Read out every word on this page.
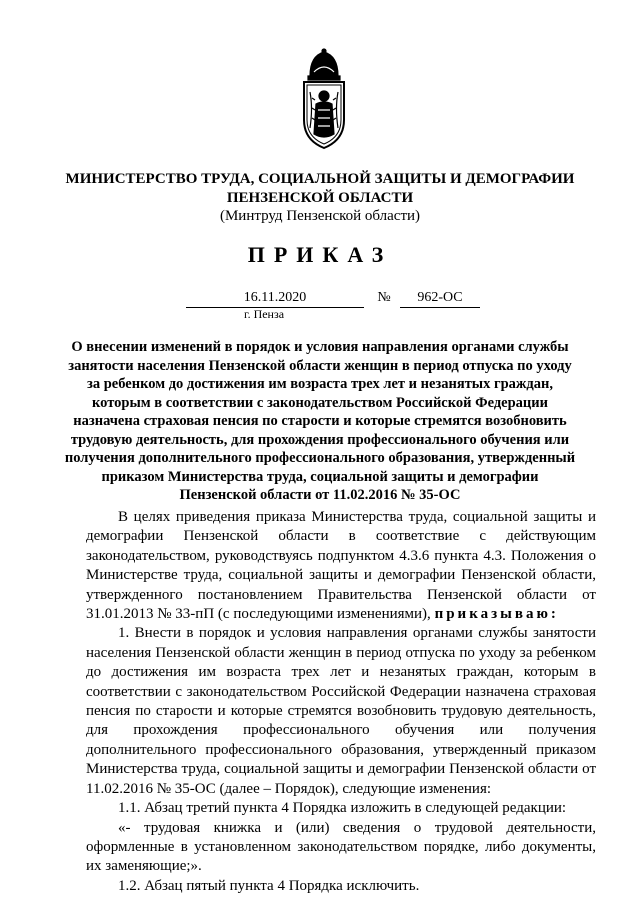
МИНИСТЕРСТВО ТРУДА, СОЦИАЛЬНОЙ ЗАЩИТЫ И ДЕМОГРАФИИ
ПЕНЗЕНСКОЙ ОБЛАСТИ
(Минтруд Пензенской области)
ПРИКАЗ
16.11.2020	№	962-ОС
г. Пенза
О внесении изменений в порядок и условия направления органами службы занятости населения Пензенской области женщин в период отпуска по уходу за ребенком до достижения им возраста трех лет и незанятых граждан, которым в соответствии с законодательством Российской Федерации назначена страховая пенсия по старости и которые стремятся возобновить трудовую деятельность, для прохождения профессионального обучения или получения дополнительного профессионального образования, утвержденный приказом Министерства труда, социальной защиты и демографии Пензенской области от 11.02.2016 № 35-ОС

В целях приведения приказа Министерства труда, социальной защиты и демографии Пензенской области в соответствие с действующим законодательством, руководствуясь подпунктом 4.3.6 пункта 4.3. Положения о Министерстве труда, социальной защиты и демографии Пензенской области, утвержденного постановлением Правительства Пензенской области от 31.01.2013 № 33-пП (с последующими изменениями), приказываю:

1. Внести в порядок и условия направления органами службы занятости населения Пензенской области женщин в период отпуска по уходу за ребенком до достижения им возраста трех лет и незанятых граждан, которым в соответствии с законодательством Российской Федерации назначена страховая пенсия по старости и которые стремятся возобновить трудовую деятельность, для прохождения профессионального обучения или получения дополнительного профессионального образования, утвержденный приказом Министерства труда, социальной защиты и демографии Пензенской области от 11.02.2016 № 35-ОС (далее – Порядок), следующие изменения:

1.1. Абзац третий пункта 4 Порядка изложить в следующей редакции:

«- трудовая книжка и (или) сведения о трудовой деятельности, оформленные в установленном законодательством порядке, либо документы, их заменяющие;».

1.2. Абзац пятый пункта 4 Порядка исключить.
